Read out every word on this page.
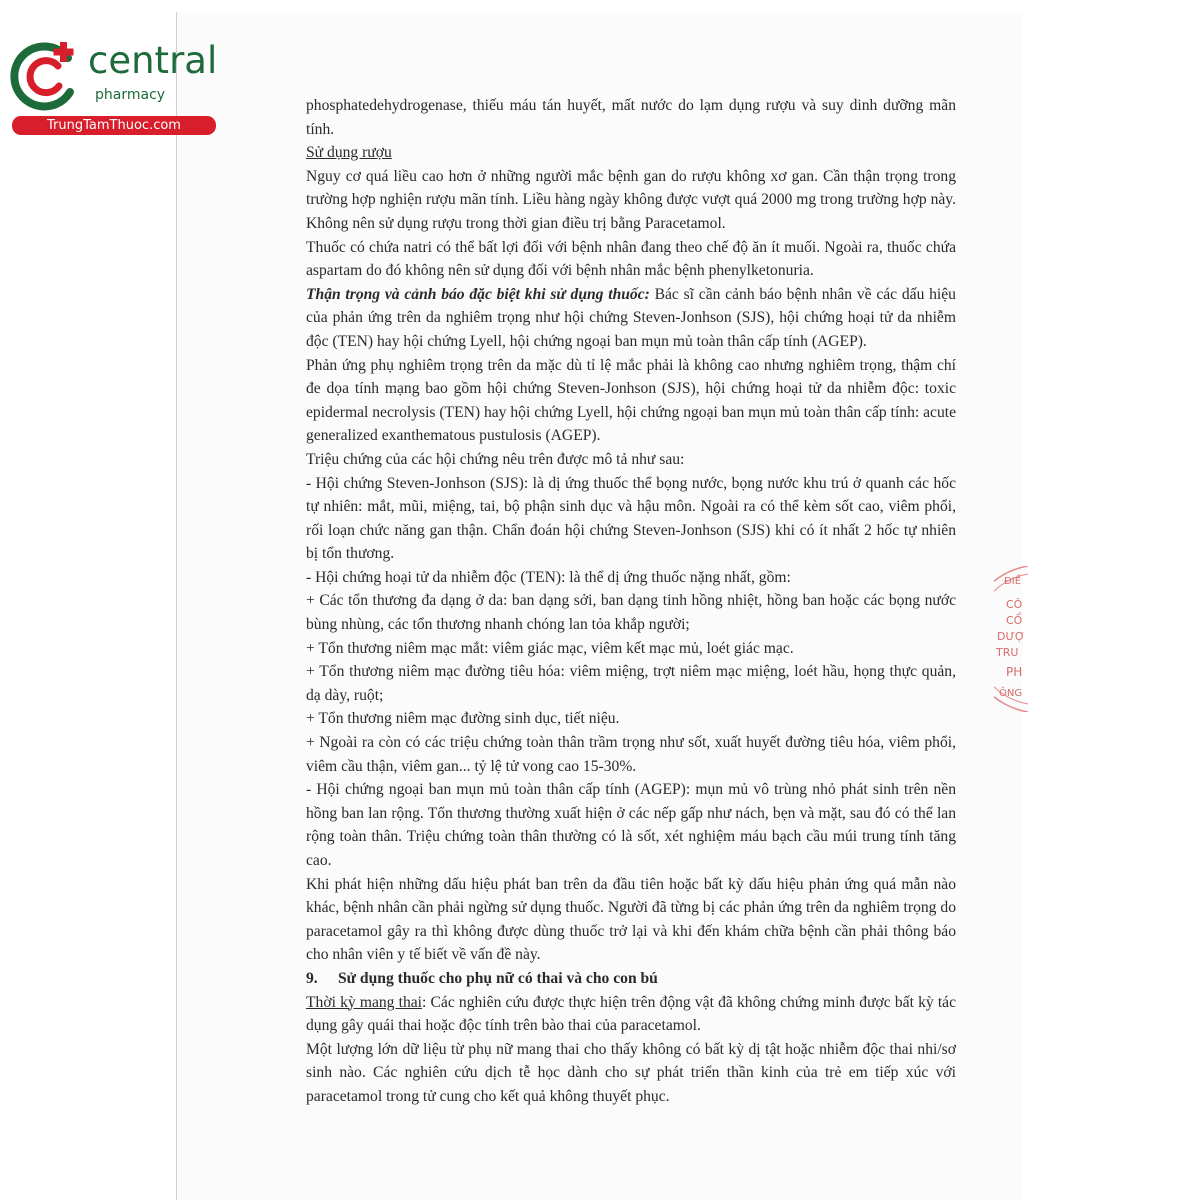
central
pharmacy
TrungTamThuoc.com
ĐIỀ
CÔ
CỔ
DƯỢ
TRU
PH
ÔNG

phosphatedehydrogenase, thiếu máu tán huyết, mất nước do lạm dụng rượu và suy dinh dưỡng mãn tính.

Sử dụng rượu

Nguy cơ quá liều cao hơn ở những người mắc bệnh gan do rượu không xơ gan. Cần thận trọng trong trường hợp nghiện rượu mãn tính. Liều hàng ngày không được vượt quá 2000 mg trong trường hợp này. Không nên sử dụng rượu trong thời gian điều trị bằng Paracetamol.

Thuốc có chứa natri có thể bất lợi đối với bệnh nhân đang theo chế độ ăn ít muối. Ngoài ra, thuốc chứa aspartam do đó không nên sử dụng đối với bệnh nhân mắc bệnh phenylketonuria.

Thận trọng và cảnh báo đặc biệt khi sử dụng thuốc: Bác sĩ cần cảnh báo bệnh nhân về các dấu hiệu của phản ứng trên da nghiêm trọng như hội chứng Steven-Jonhson (SJS), hội chứng hoại tử da nhiễm độc (TEN) hay hội chứng Lyell, hội chứng ngoại ban mụn mủ toàn thân cấp tính (AGEP).

Phản ứng phụ nghiêm trọng trên da mặc dù tỉ lệ mắc phải là không cao nhưng nghiêm trọng, thậm chí đe dọa tính mạng bao gồm hội chứng Steven-Jonhson (SJS), hội chứng hoại tử da nhiễm độc: toxic epidermal necrolysis (TEN) hay hội chứng Lyell, hội chứng ngoại ban mụn mủ toàn thân cấp tính: acute generalized exanthematous pustulosis (AGEP).

Triệu chứng của các hội chứng nêu trên được mô tả như sau:

- Hội chứng Steven-Jonhson (SJS): là dị ứng thuốc thể bọng nước, bọng nước khu trú ở quanh các hốc tự nhiên: mắt, mũi, miệng, tai, bộ phận sinh dục và hậu môn. Ngoài ra có thể kèm sốt cao, viêm phổi, rối loạn chức năng gan thận. Chẩn đoán hội chứng Steven-Jonhson (SJS) khi có ít nhất 2 hốc tự nhiên bị tổn thương.

- Hội chứng hoại tử da nhiễm độc (TEN): là thể dị ứng thuốc nặng nhất, gồm:

+ Các tổn thương đa dạng ở da: ban dạng sởi, ban dạng tinh hồng nhiệt, hồng ban hoặc các bọng nước bùng nhùng, các tổn thương nhanh chóng lan tỏa khắp người;

+ Tổn thương niêm mạc mắt: viêm giác mạc, viêm kết mạc mủ, loét giác mạc.

+ Tổn thương niêm mạc đường tiêu hóa: viêm miệng, trợt niêm mạc miệng, loét hầu, họng thực quản, dạ dày, ruột;

+ Tổn thương niêm mạc đường sinh dục, tiết niệu.

+ Ngoài ra còn có các triệu chứng toàn thân trầm trọng như sốt, xuất huyết đường tiêu hóa, viêm phổi, viêm cầu thận, viêm gan... tỷ lệ tử vong cao 15-30%.

- Hội chứng ngoại ban mụn mủ toàn thân cấp tính (AGEP): mụn mủ vô trùng nhỏ phát sinh trên nền hồng ban lan rộng. Tổn thương thường xuất hiện ở các nếp gấp như nách, bẹn và mặt, sau đó có thể lan rộng toàn thân. Triệu chứng toàn thân thường có là sốt, xét nghiệm máu bạch cầu múi trung tính tăng cao.

Khi phát hiện những dấu hiệu phát ban trên da đầu tiên hoặc bất kỳ dấu hiệu phản ứng quá mẫn nào khác, bệnh nhân cần phải ngừng sử dụng thuốc. Người đã từng bị các phản ứng trên da nghiêm trọng do paracetamol gây ra thì không được dùng thuốc trở lại và khi đến khám chữa bệnh cần phải thông báo cho nhân viên y tế biết về vấn đề này.

9. Sử dụng thuốc cho phụ nữ có thai và cho con bú

Thời kỳ mang thai: Các nghiên cứu được thực hiện trên động vật đã không chứng minh được bất kỳ tác dụng gây quái thai hoặc độc tính trên bào thai của paracetamol.

Một lượng lớn dữ liệu từ phụ nữ mang thai cho thấy không có bất kỳ dị tật hoặc nhiễm độc thai nhi/sơ sinh nào. Các nghiên cứu dịch tễ học dành cho sự phát triển thần kinh của trẻ em tiếp xúc với paracetamol trong tử cung cho kết quả không thuyết phục.
